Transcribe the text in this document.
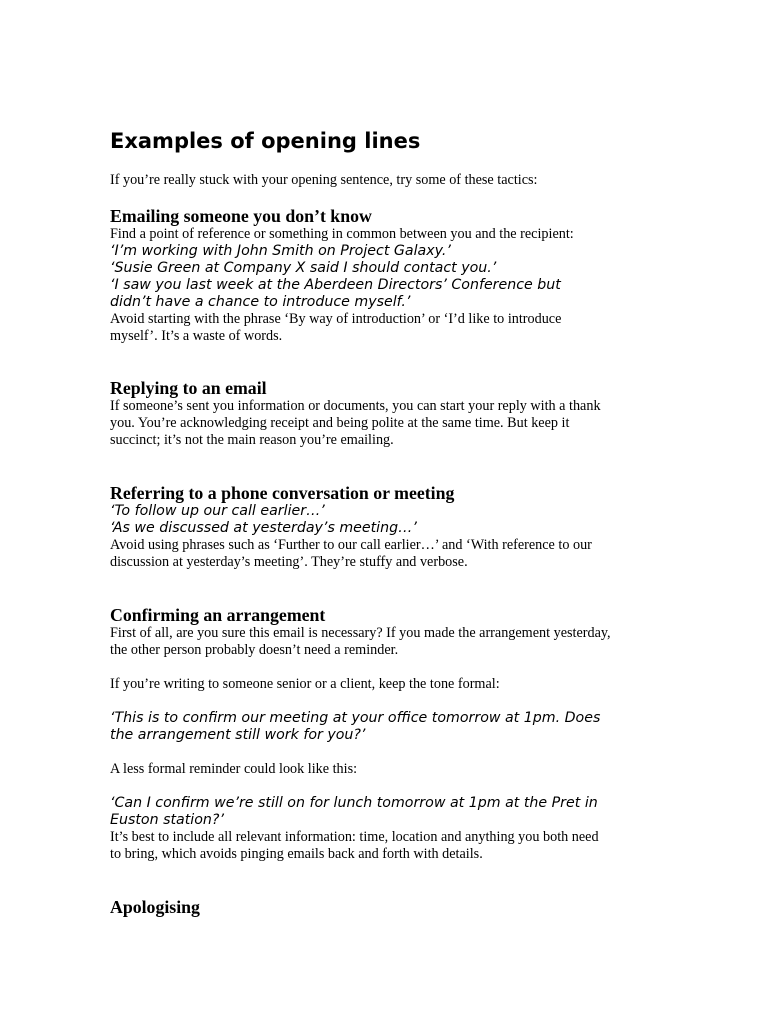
Examples of opening lines

If you’re really stuck with your opening sentence, try some of these tactics:

Emailing someone you don’t know

Find a point of reference or something in common between you and the recipient:

‘I’m working with John Smith on Project Galaxy.’

‘Susie Green at Company X said I should contact you.’

‘I saw you last week at the Aberdeen Directors’ Conference but

didn’t have a chance to introduce myself.’

Avoid starting with the phrase ‘By way of introduction’ or ‘I’d like to introduce

myself’. It’s a waste of words.

Replying to an email

If someone’s sent you information or documents, you can start your reply with a thank

you. You’re acknowledging receipt and being polite at the same time. But keep it

succinct; it’s not the main reason you’re emailing.

Referring to a phone conversation or meeting

‘To follow up our call earlier…’

‘As we discussed at yesterday’s meeting…’

Avoid using phrases such as ‘Further to our call earlier…’ and ‘With reference to our

discussion at yesterday’s meeting’. They’re stuffy and verbose.

Confirming an arrangement

First of all, are you sure this email is necessary? If you made the arrangement yesterday,

the other person probably doesn’t need a reminder.

If you’re writing to someone senior or a client, keep the tone formal:

‘This is to confirm our meeting at your office tomorrow at 1pm. Does

the arrangement still work for you?’

A less formal reminder could look like this:

‘Can I confirm we’re still on for lunch tomorrow at 1pm at the Pret in

Euston station?’

It’s best to include all relevant information: time, location and anything you both need

to bring, which avoids pinging emails back and forth with details.

Apologising
